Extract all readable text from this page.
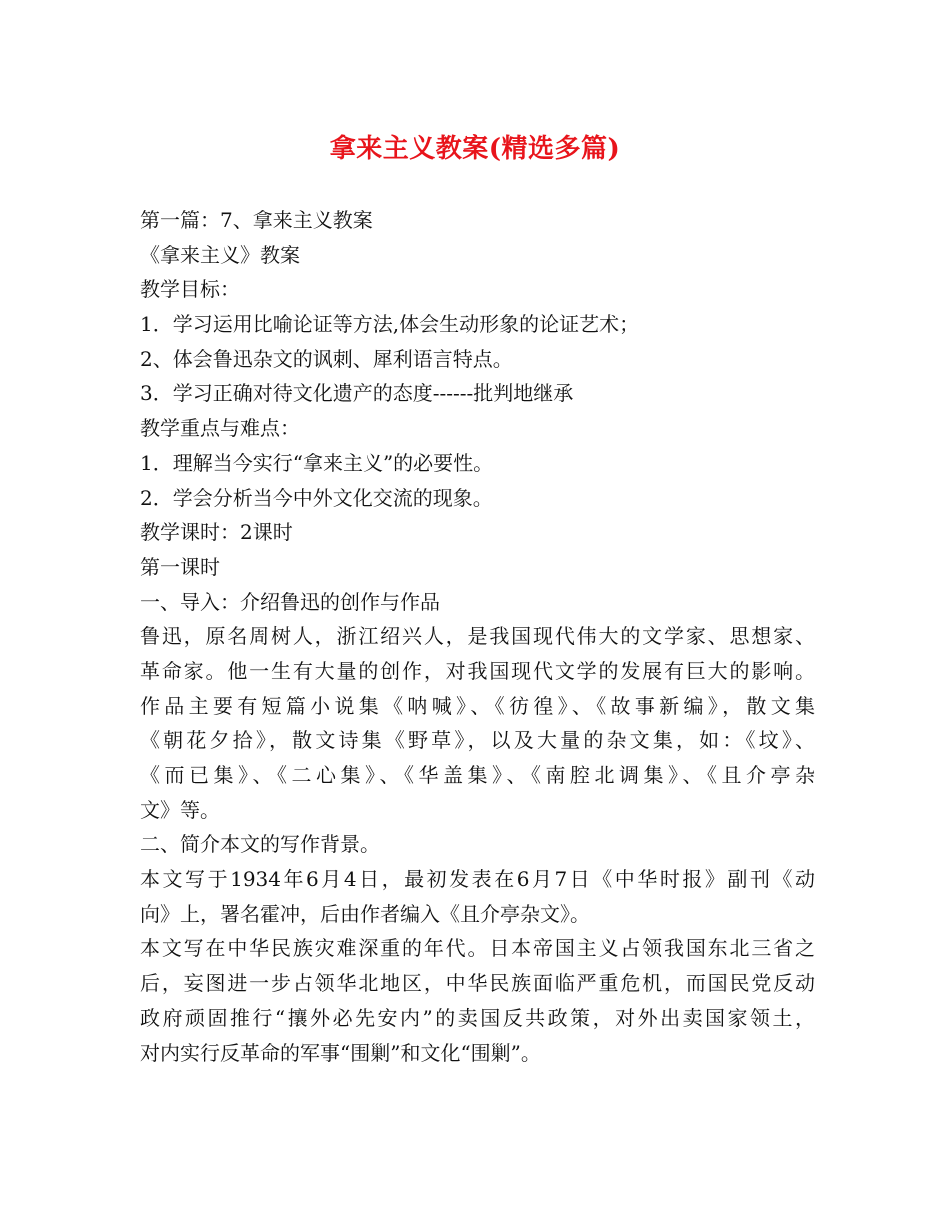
拿来主义教案(精选多篇)
第一篇：7、拿来主义教案
《拿来主义》教案
教学目标：
1．学习运用比喻论证等方法,体会生动形象的论证艺术；
2、体会鲁迅杂文的讽刺、犀利语言特点。
3．学习正确对待文化遗产的态度------批判地继承
教学重点与难点：
1．理解当今实行“拿来主义”的必要性。
2．学会分析当今中外文化交流的现象。
教学课时：2课时
第一课时
一、导入：介绍鲁迅的创作与作品
鲁迅，原名周树人，浙江绍兴人，是我国现代伟大的文学家、思想家、
革命家。他一生有大量的创作，对我国现代文学的发展有巨大的影响。
作品主要有短篇小说集《呐喊》、《彷徨》、《故事新编》，散文集
《朝花夕拾》，散文诗集《野草》，以及大量的杂文集，如：《坟》、
《而已集》、《二心集》、《华盖集》、《南腔北调集》、《且介亭杂
文》等。
二、简介本文的写作背景。
本文写于1934年6月4日，最初发表在6月7日《中华时报》副刊《动
向》上，署名霍冲，后由作者编入《且介亭杂文》。
本文写在中华民族灾难深重的年代。日本帝国主义占领我国东北三省之
后，妄图进一步占领华北地区，中华民族面临严重危机，而国民党反动
政府顽固推行“攘外必先安内”的卖国反共政策，对外出卖国家领土，
对内实行反革命的军事“围剿”和文化“围剿”。
